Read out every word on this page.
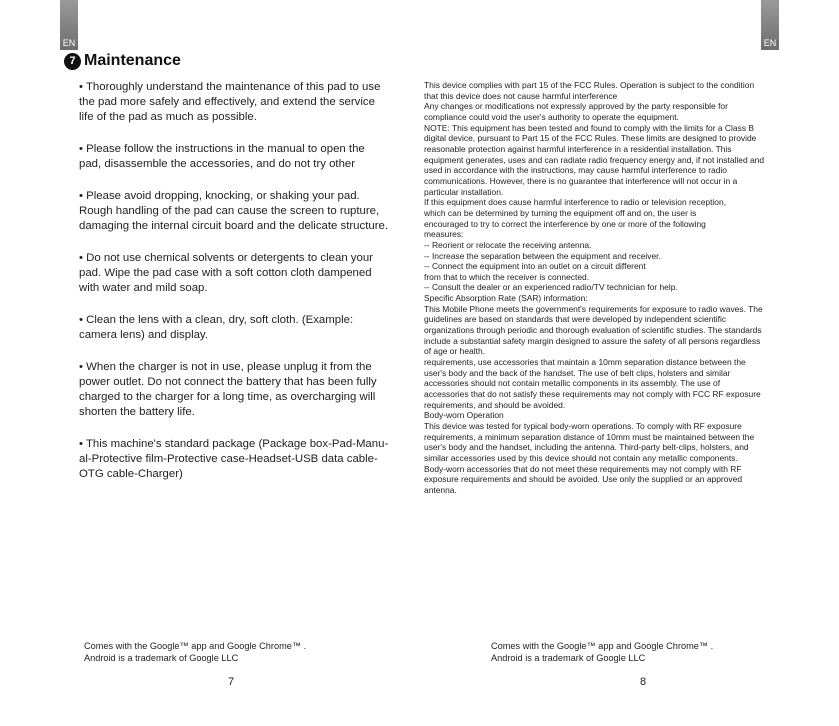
EN	EN
7 Maintenance

• Thoroughly understand the maintenance of this pad to use the pad more safely and effectively, and extend the service life of the pad as much as possible.

• Please follow the instructions in the manual to open the pad, disassemble the accessories, and do not try other

• Please avoid dropping, knocking, or shaking your pad. Rough handling of the pad can cause the screen to rupture, damaging the internal circuit board and the delicate structure.

• Do not use chemical solvents or detergents to clean your pad. Wipe the pad case with a soft cotton cloth dampened with water and mild soap.

• Clean the lens with a clean, dry, soft cloth. (Example: camera lens) and display.

• When the charger is not in use, please unplug it from the power outlet. Do not connect the battery that has been fully charged to the charger for a long time, as overcharging will shorten the battery life.

• This machine's standard package (Package box-Pad-Manu-al-Protective film-Protective case-Headset-USB data cable-OTG cable-Charger)

This device complies with part 15 of the FCC Rules. Operation is subject to the condition
that this device does not cause harmful interference
Any changes or modifications not expressly approved by the party responsible for
compliance could void the user's authority to operate the equipment.
NOTE: This equipment has been tested and found to comply with the limits for a Class B
digital device, pursuant to Part 15 of the FCC Rules. These limits are designed to provide
reasonable protection against harmful interference in a residential installation. This
equipment generates, uses and can radiate radio frequency energy and, if not installed and
used in accordance with the instructions, may cause harmful interference to radio
communications. However, there is no guarantee that interference will not occur in a
particular installation.
If this equipment does cause harmful interference to radio or television reception,
which can be determined by turning the equipment off and on, the user is
encouraged to try to correct the interference by one or more of the following
measures:
-- Reorient or relocate the receiving antenna.
-- Increase the separation between the equipment and receiver.
-- Connect the equipment into an outlet on a circuit different
from that to which the receiver is connected.
-- Consult the dealer or an experienced radio/TV technician for help.
Specific Absorption Rate (SAR) information:
This Mobile Phone meets the government's requirements for exposure to radio waves. The
guidelines are based on standards that were developed by independent scientific
organizations through periodic and thorough evaluation of scientific studies. The standards
include a substantial safety margin designed to assure the safety of all persons regardless
of age or health.
requirements, use accessories that maintain a 10mm separation distance between the
user's body and the back of the handset. The use of belt clips, holsters and similar
accessories should not contain metallic components in its assembly. The use of
accessories that do not satisfy these requirements may not comply with FCC RF exposure
requirements, and should be avoided.
Body-worn Operation
This device was tested for typical body-worn operations. To comply with RF exposure
requirements, a minimum separation distance of 10mm must be maintained between the
user's body and the handset, including the antenna. Third-party belt-clips, holsters, and
similar accessories used by this device should not contain any metallic components.
Body-worn accessories that do not meet these requirements may not comply with RF
exposure requirements and should be avoided. Use only the supplied or an approved
antenna.
Comes with the Google™ app and Google Chrome™ .
Android is a trademark of Google LLC
Comes with the Google™ app and Google Chrome™ .
Android is a trademark of Google LLC
7	8
